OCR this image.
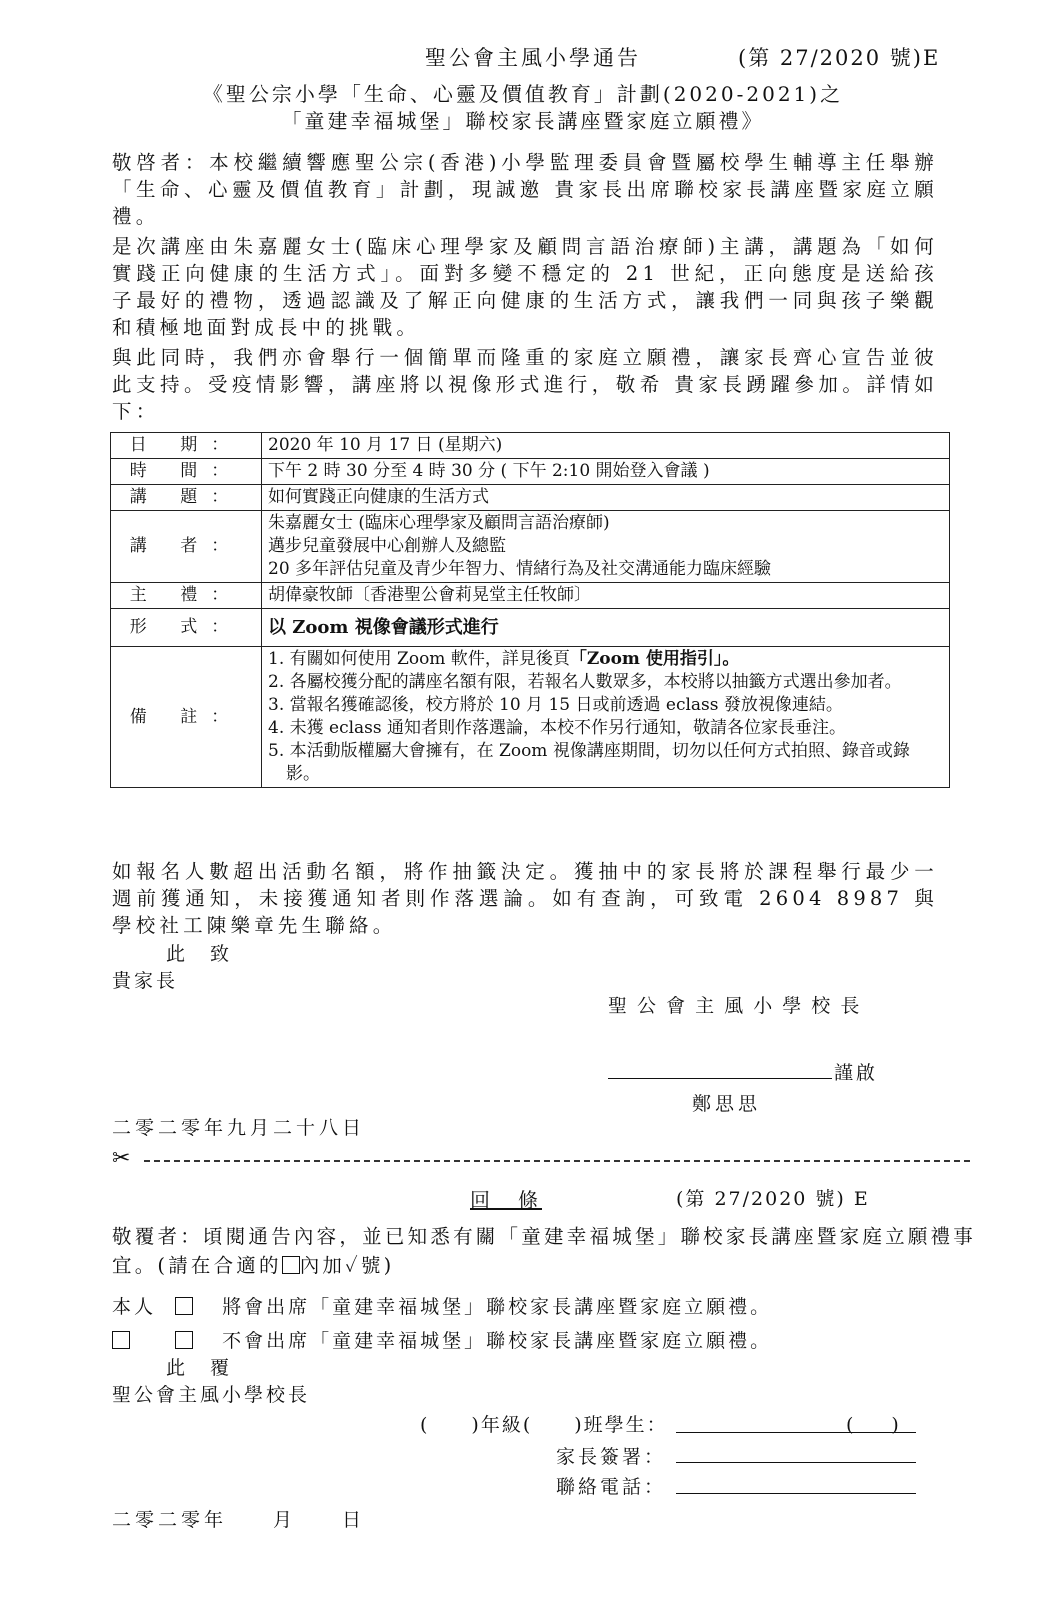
聖公會主風小學通告	(第 27/2020 號)E
《聖公宗小學「生命、心靈及價值教育」計劃(2020-2021)之
「童建幸福城堡」聯校家長講座暨家庭立願禮》
敬啓者：本校繼續響應聖公宗(香港)小學監理委員會暨屬校學生輔導主任舉辦「生命、心靈及價值教育」計劃，現誠邀 貴家長出席聯校家長講座暨家庭立願禮。
是次講座由朱嘉麗女士(臨床心理學家及顧問言語治療師)主講，講題為「如何實踐正向健康的生活方式」。面對多變不穩定的 21 世紀，正向態度是送給孩子最好的禮物，透過認識及了解正向健康的生活方式，讓我們一同與孩子樂觀和積極地面對成長中的挑戰。
與此同時，我們亦會舉行一個簡單而隆重的家庭立願禮，讓家長齊心宣告並彼此支持。受疫情影響，講座將以視像形式進行，敬希 貴家長踴躍參加。詳情如下：
日 期：	2020 年 10 月 17 日 (星期六)
時 間：	下午 2 時 30 分至 4 時 30 分 ( 下午 2:10 開始登入會議 )
講 題：	如何實踐正向健康的生活方式
講 者：	朱嘉麗女士 (臨床心理學家及顧問言語治療師)
邁步兒童發展中心創辦人及總監
20 多年評估兒童及青少年智力、情緒行為及社交溝通能力臨床經驗

主 禮：	胡偉豪牧師〔香港聖公會莉晃堂主任牧師〕
形 式：	以 Zoom 視像會議形式進行
備 註：	1. 有關如何使用 Zoom 軟件，詳見後頁「Zoom 使用指引」。
2. 各屬校獲分配的講座名額有限，若報名人數眾多，本校將以抽籤方式選出參加者。
3. 當報名獲確認後，校方將於 10 月 15 日或前透過 eclass 發放視像連結。
4. 未獲 eclass 通知者則作落選論，本校不作另行通知，敬請各位家長垂注。
5. 本活動版權屬大會擁有，在 Zoom 視像講座期間，切勿以任何方式拍照、錄音或錄影。
如報名人數超出活動名額，將作抽籤決定。獲抽中的家長將於課程舉行最少一週前獲通知，未接獲通知者則作落選論。如有查詢，可致電 2604 8987 與學校社工陳樂章先生聯絡。
此　致
貴家長
聖 公 會 主 風 小 學 校 長
謹啟
鄭思思
二零二零年九月二十八日
✂
回　條	(第 27/2020 號) E
敬覆者：頃閱通告內容，並已知悉有關「童建幸福城堡」聯校家長講座暨家庭立願禮事宜。(請在合適的 內加✓號)
本人	將會出席「童建幸福城堡」聯校家長講座暨家庭立願禮。
不會出席「童建幸福城堡」聯校家長講座暨家庭立願禮。
此　覆
聖公會主風小學校長
(　　)年級(　　)班學生：	(　　)
家長簽署：
聯絡電話：
二零二零年　　月　　日
